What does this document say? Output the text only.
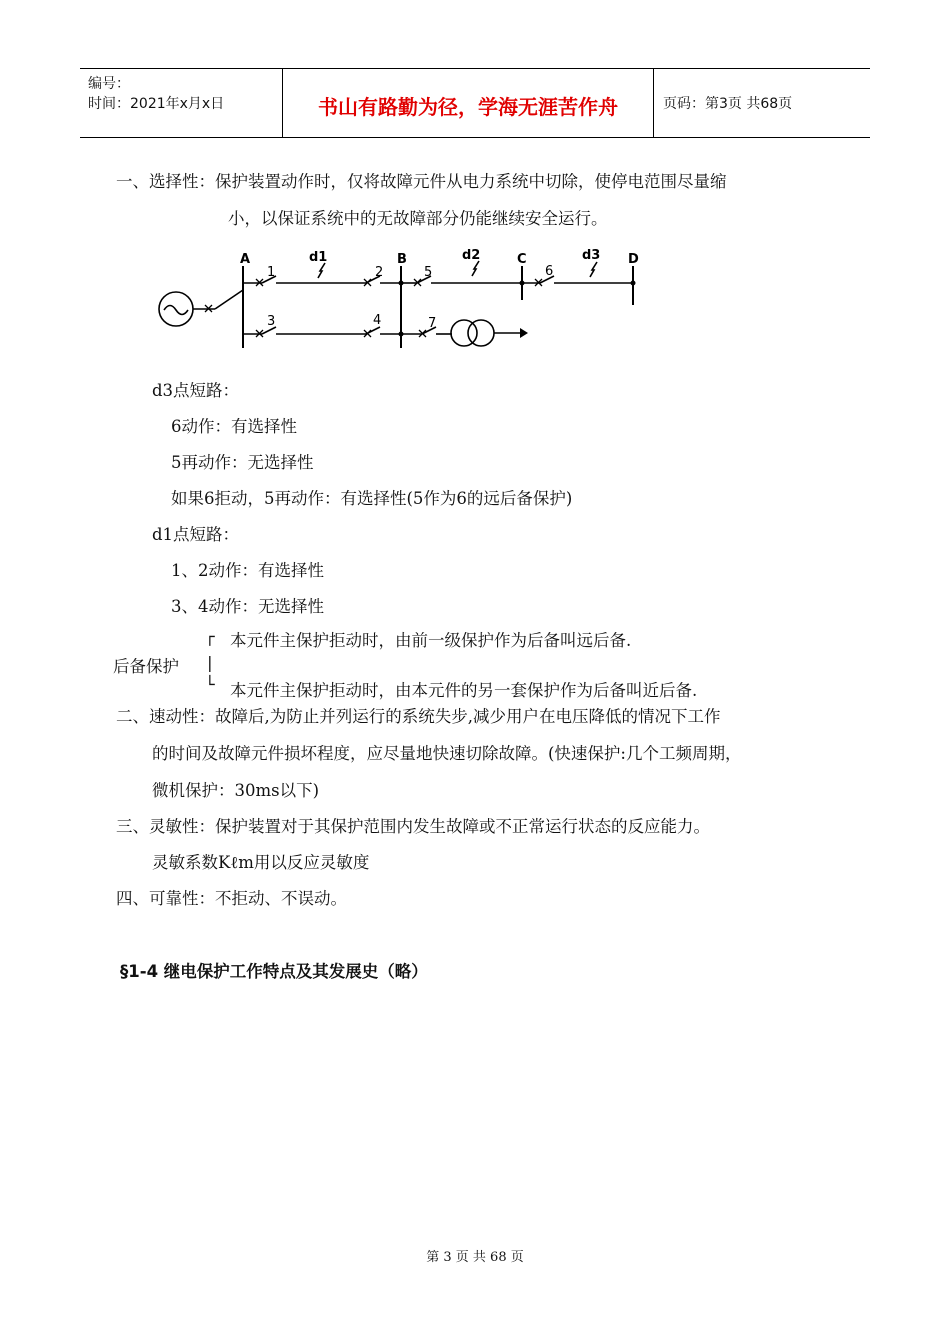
编号：
时间：2021年x月x日	书山有路勤为径，学海无涯苦作舟	页码：第3页 共68页
一、选择性：保护装置动作时，仅将故障元件从电力系统中切除，使停电范围尽量缩
小，以保证系统中的无故障部分仍能继续安全运行。
A	B	C	D
d1	d2	d3
1	2	5	6
3	4	7
d3点短路：
6动作：有选择性
5再动作：无选择性
如果6拒动，5再动作：有选择性(5作为6的远后备保护)
d1点短路：
1、2动作：有选择性
3、4动作：无选择性
┌
|
└
本元件主保护拒动时，由前一级保护作为后备叫远后备.
后备保护
本元件主保护拒动时，由本元件的另一套保护作为后备叫近后备.
二、速动性：故障后,为防止并列运行的系统失步,减少用户在电压降低的情况下工作
的时间及故障元件损坏程度，应尽量地快速切除故障。(快速保护:几个工频周期，
微机保护：30ms以下)
三、灵敏性：保护装置对于其保护范围内发生故障或不正常运行状态的反应能力。
灵敏系数Kℓm用以反应灵敏度
四、可靠性：不拒动、不误动。
§1-4 继电保护工作特点及其发展史（略）
第 3 页 共 68 页
